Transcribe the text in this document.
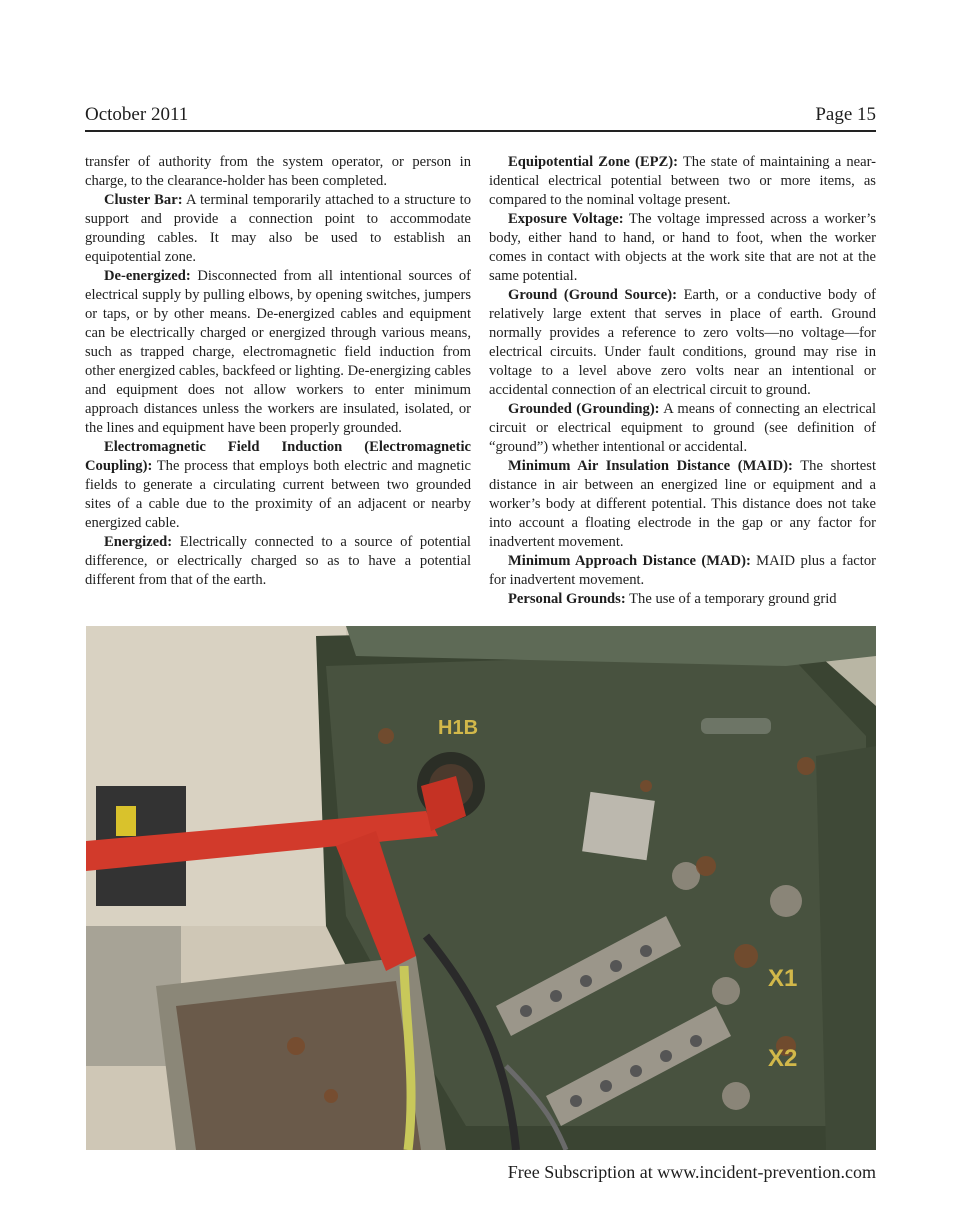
October 2011	Page 15

transfer of authority from the system operator, or person in charge, to the clearance-holder has been completed.

Cluster Bar: A terminal temporarily attached to a structure to support and provide a connection point to accommodate grounding cables. It may also be used to establish an equipotential zone.

De-energized: Disconnected from all intentional sources of electrical supply by pulling elbows, by opening switches, jumpers or taps, or by other means. De-energized cables and equipment can be electrically charged or energized through various means, such as trapped charge, electromagnetic field induction from other energized cables, backfeed or lighting. De-energizing cables and equipment does not allow workers to enter minimum approach distances unless the workers are insulated, isolated, or the lines and equipment have been properly grounded.

Electromagnetic Field Induction (Electromagnetic Coupling): The process that employs both electric and magnetic fields to generate a circulating current between two grounded sites of a cable due to the proximity of an adjacent or nearby energized cable.

Energized: Electrically connected to a source of potential difference, or electrically charged so as to have a potential different from that of the earth.

Equipotential Zone (EPZ): The state of maintaining a near-identical electrical potential between two or more items, as compared to the nominal voltage present.

Exposure Voltage: The voltage impressed across a worker’s body, either hand to hand, or hand to foot, when the worker comes in contact with objects at the work site that are not at the same potential.

Ground (Ground Source): Earth, or a conductive body of relatively large extent that serves in place of earth. Ground normally provides a reference to zero volts—no voltage—for electrical circuits. Under fault conditions, ground may rise in voltage to a level above zero volts near an intentional or accidental connection of an electrical circuit to ground.

Grounded (Grounding): A means of connecting an electrical circuit or electrical equipment to ground (see definition of “ground”) whether intentional or accidental.

Minimum Air Insulation Distance (MAID): The shortest distance in air between an energized line or equipment and a worker’s body at different potential. This distance does not take into account a floating electrode in the gap or any factor for inadvertent movement.

Minimum Approach Distance (MAD): MAID plus a factor for inadvertent movement.

Personal Grounds: The use of a temporary ground grid

H1B
X1
X2
Free Subscription at www.incident-prevention.com
